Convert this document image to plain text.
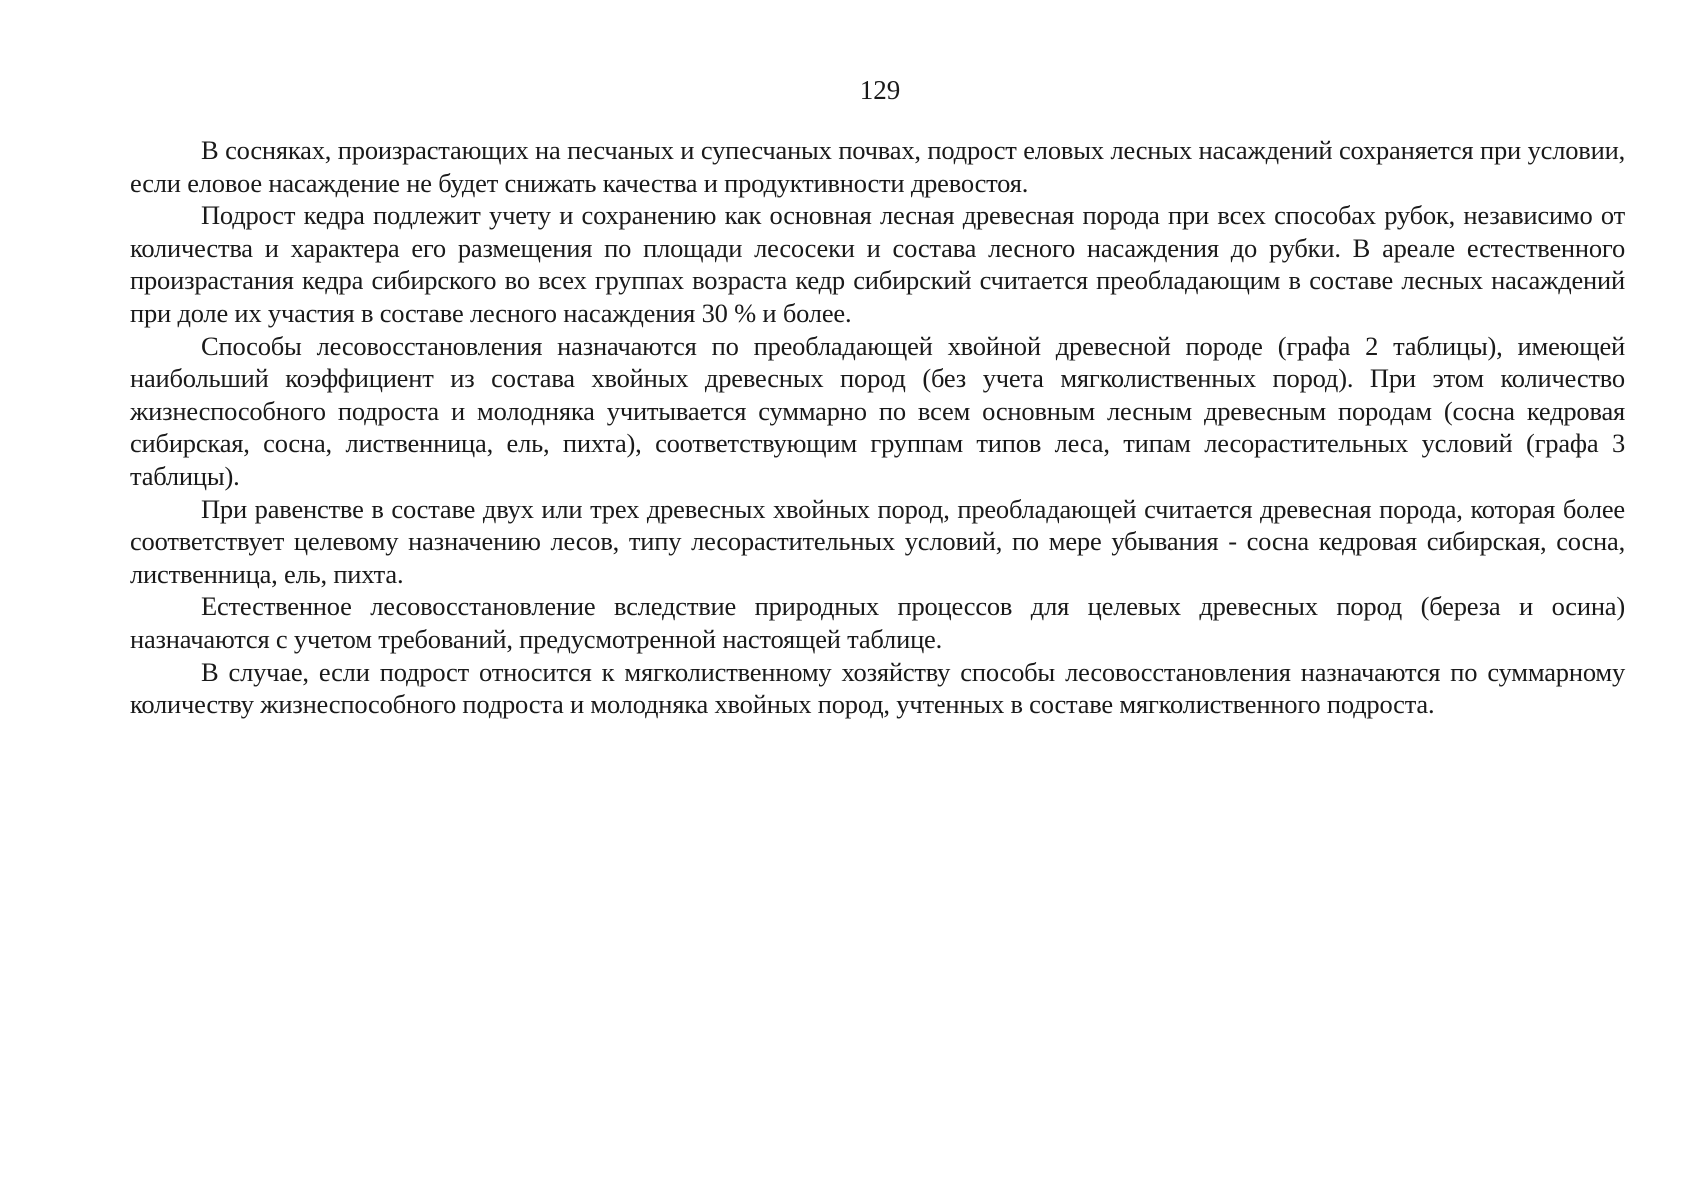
129

В сосняках, произрастающих на песчаных и супесчаных почвах, подрост еловых лесных насаждений сохраняется при условии, если еловое насаждение не будет снижать качества и продуктивности древостоя.

Подрост кедра подлежит учету и сохранению как основная лесная древесная порода при всех способах рубок, независимо от количества и характера его размещения по площади лесосеки и состава лесного насаждения до рубки. В ареале естественного произрастания кедра сибирского во всех группах возраста кедр сибирский считается преобладающим в составе лесных насаждений при доле их участия в составе лесного насаждения 30 % и более.

Способы лесовосстановления назначаются по преобладающей хвойной древесной породе (графа 2 таблицы), имеющей наибольший коэффициент из состава хвойных древесных пород (без учета мягколиственных пород). При этом количество жизнеспособного подроста и молодняка учитывается суммарно по всем основным лесным древесным породам (сосна кедровая сибирская, сосна, лиственница, ель, пихта), соответствующим группам типов леса, типам лесорастительных условий (графа 3 таблицы).

При равенстве в составе двух или трех древесных хвойных пород, преобладающей считается древесная порода, которая более соответствует целевому назначению лесов, типу лесорастительных условий, по мере убывания - сосна кедровая сибирская, сосна, лиственница, ель, пихта.

Естественное лесовосстановление вследствие природных процессов для целевых древесных пород (береза и осина) назначаются с учетом требований, предусмотренной настоящей таблице.

В случае, если подрост относится к мягколиственному хозяйству способы лесовосстановления назначаются по суммарному количеству жизнеспособного подроста и молодняка хвойных пород, учтенных в составе мягколиственного подроста.
